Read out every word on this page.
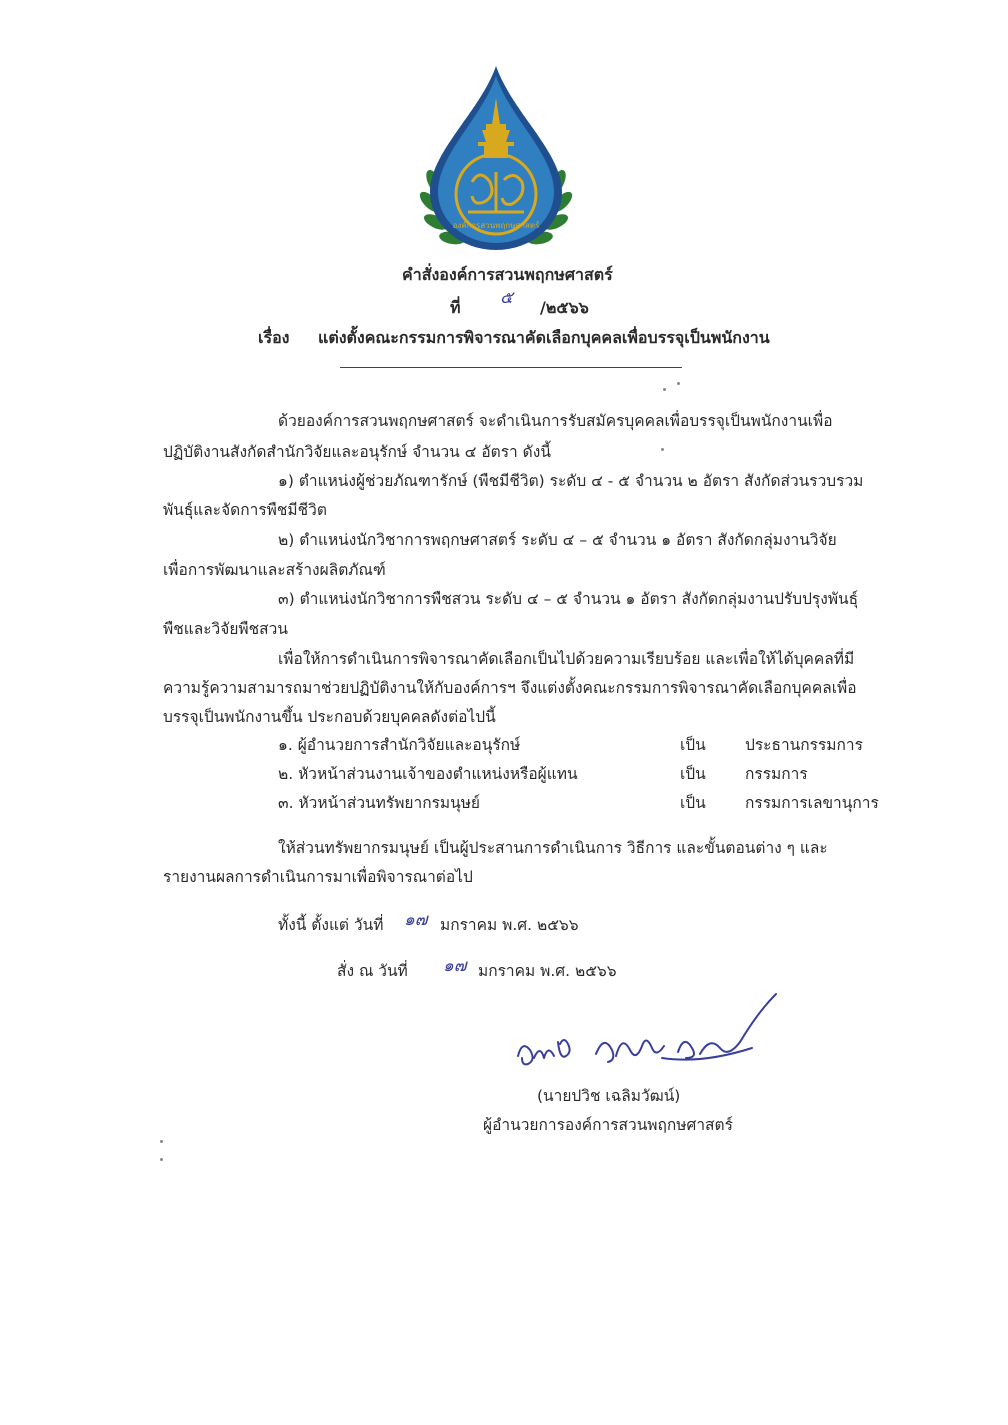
องค์การสวนพฤกษศาสตร์
คำสั่งองค์การสวนพฤกษศาสตร์
ที่ ๕ /๒๕๖๖
เรื่อง แต่งตั้งคณะกรรมการพิจารณาคัดเลือกบุคคลเพื่อบรรจุเป็นพนักงาน
ด้วยองค์การสวนพฤกษศาสตร์ จะดำเนินการรับสมัครบุคคลเพื่อบรรจุเป็นพนักงานเพื่อ
ปฏิบัติงานสังกัดสำนักวิจัยและอนุรักษ์ จำนวน ๔ อัตรา ดังนี้
๑) ตำแหน่งผู้ช่วยภัณฑารักษ์ (พืชมีชีวิต) ระดับ ๔ - ๕ จำนวน ๒ อัตรา สังกัดส่วนรวบรวม
พันธุ์และจัดการพืชมีชีวิต
๒) ตำแหน่งนักวิชาการพฤกษศาสตร์ ระดับ ๔ – ๕ จำนวน ๑ อัตรา สังกัดกลุ่มงานวิจัย
เพื่อการพัฒนาและสร้างผลิตภัณฑ์
๓) ตำแหน่งนักวิชาการพืชสวน ระดับ ๔ – ๕ จำนวน ๑ อัตรา สังกัดกลุ่มงานปรับปรุงพันธุ์
พืชและวิจัยพืชสวน
เพื่อให้การดำเนินการพิจารณาคัดเลือกเป็นไปด้วยความเรียบร้อย และเพื่อให้ได้บุคคลที่มี
ความรู้ความสามารถมาช่วยปฏิบัติงานให้กับองค์การฯ จึงแต่งตั้งคณะกรรมการพิจารณาคัดเลือกบุคคลเพื่อ
บรรจุเป็นพนักงานขึ้น ประกอบด้วยบุคคลดังต่อไปนี้
๑. ผู้อำนวยการสำนักวิจัยและอนุรักษ์	เป็น	ประธานกรรมการ
๒. หัวหน้าส่วนงานเจ้าของตำแหน่งหรือผู้แทน	เป็น	กรรมการ
๓. หัวหน้าส่วนทรัพยากรมนุษย์	เป็น	กรรมการเลขานุการ
ให้ส่วนทรัพยากรมนุษย์ เป็นผู้ประสานการดำเนินการ วิธีการ และขั้นตอนต่าง ๆ และ
รายงานผลการดำเนินการมาเพื่อพิจารณาต่อไป
ทั้งนี้ ตั้งแต่ วันที่ ๑๗ มกราคม พ.ศ. ๒๕๖๖
สั่ง ณ วันที่ ๑๗ มกราคม พ.ศ. ๒๕๖๖
(นายปวิช เฉลิมวัฒน์)
ผู้อำนวยการองค์การสวนพฤกษศาสตร์
